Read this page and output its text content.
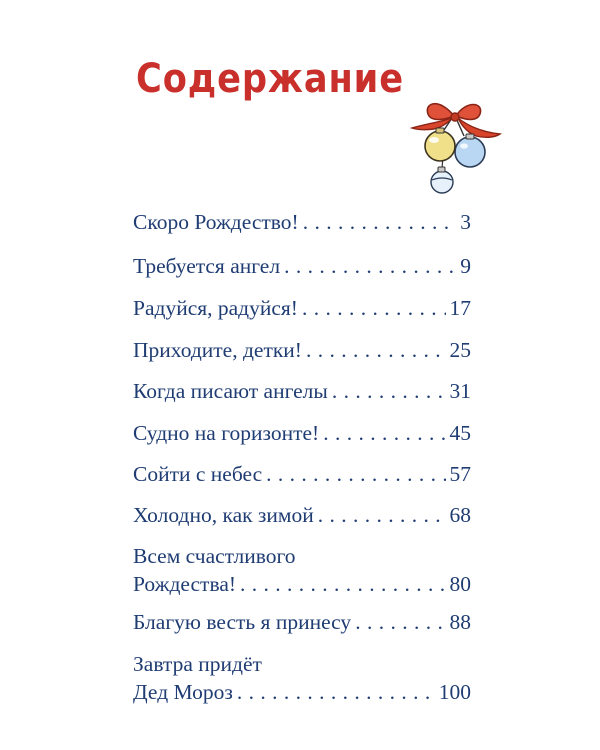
Содержание
Скоро Рождество! . . .	3
Требуется ангел . . .	9
Радуйся, радуйся! . . .	17
Приходите, детки! . . .	25
Когда писают ангелы . . .	31
Судно на горизонте! . . .	45
Сойти с небес . . .	57
Холодно, как зимой . . .	68
Всем счастливого
Рождества! . . .	80
Благую весть я принесу . . .	88
Завтра придёт
Дед Мороз . . .	100
